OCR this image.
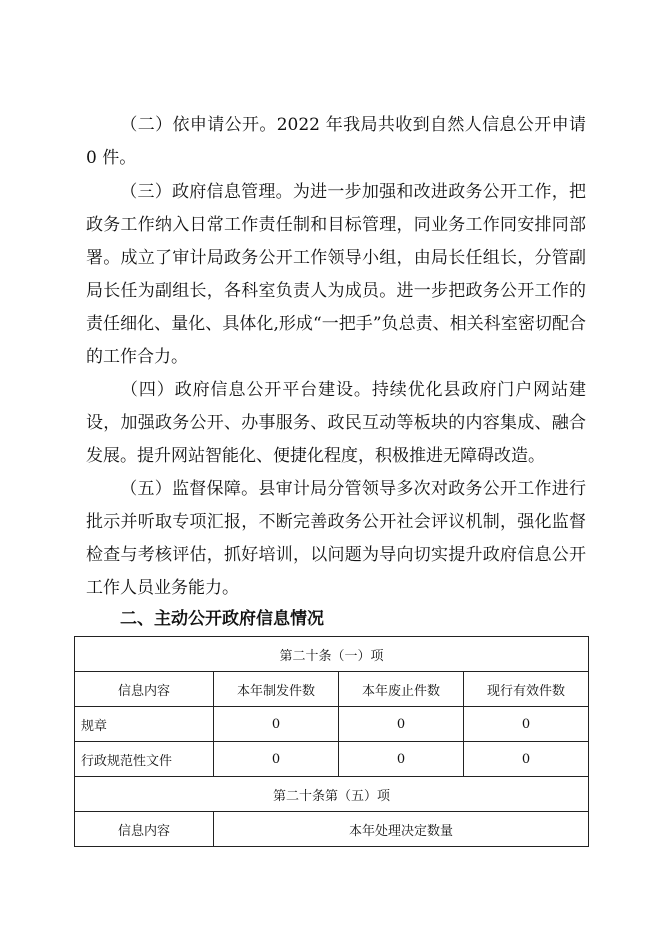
（二）依申请公开。2022 年我局共收到自然人信息公开申请 0 件。
（三）政府信息管理。为进一步加强和改进政务公开工作，把政务工作纳入日常工作责任制和目标管理，同业务工作同安排同部署。成立了审计局政务公开工作领导小组，由局长任组长，分管副局长任为副组长，各科室负责人为成员。进一步把政务公开工作的责任细化、量化、具体化,形成“一把手”负总责、相关科室密切配合的工作合力。
（四）政府信息公开平台建设。持续优化县政府门户网站建设，加强政务公开、办事服务、政民互动等板块的内容集成、融合发展。提升网站智能化、便捷化程度，积极推进无障碍改造。
（五）监督保障。县审计局分管领导多次对政务公开工作进行批示并听取专项汇报，不断完善政务公开社会评议机制，强化监督检查与考核评估，抓好培训，以问题为导向切实提升政府信息公开工作人员业务能力。
二、主动公开政府信息情况
第二十条（一）项			
信息内容	本年制发件数	本年废止件数	现行有效件数
规章	0	0	0
行政规范性文件	0	0	0
第二十条第（五）项			
信息内容	本年处理决定数量		
